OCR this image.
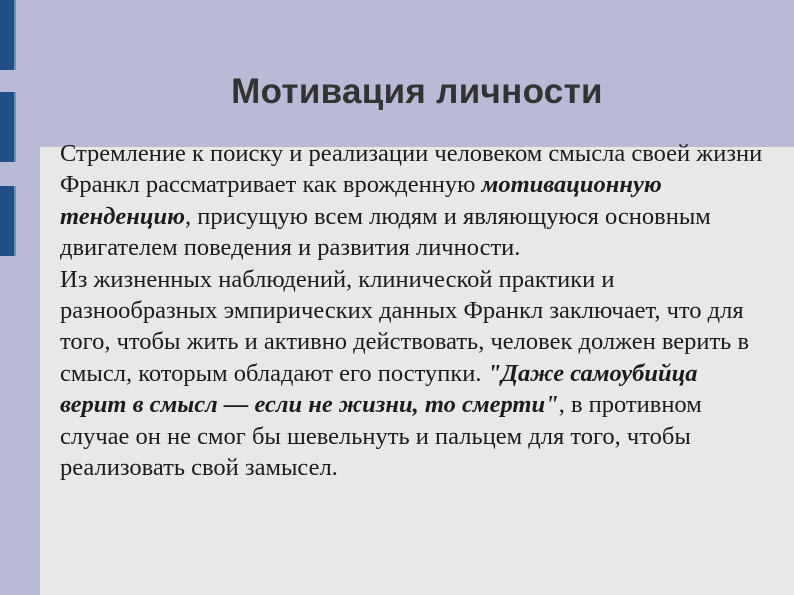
Мотивация личности

Стремление к поиску и реализации человеком смысла своей жизни Франкл рассматривает как врожденную мотивационную тенденцию, присущую всем людям и являющуюся основным двигателем поведения и развития личности.

Из жизненных наблюдений, клинической практики и разнообразных эмпирических данных Франкл заключает, что для того, чтобы жить и активно действовать, человек должен верить в смысл, которым обладают его поступки. "Даже самоубийца верит в смысл — если не жизни, то смерти", в противном случае он не смог бы шевельнуть и пальцем для того, чтобы реализовать свой замысел.
